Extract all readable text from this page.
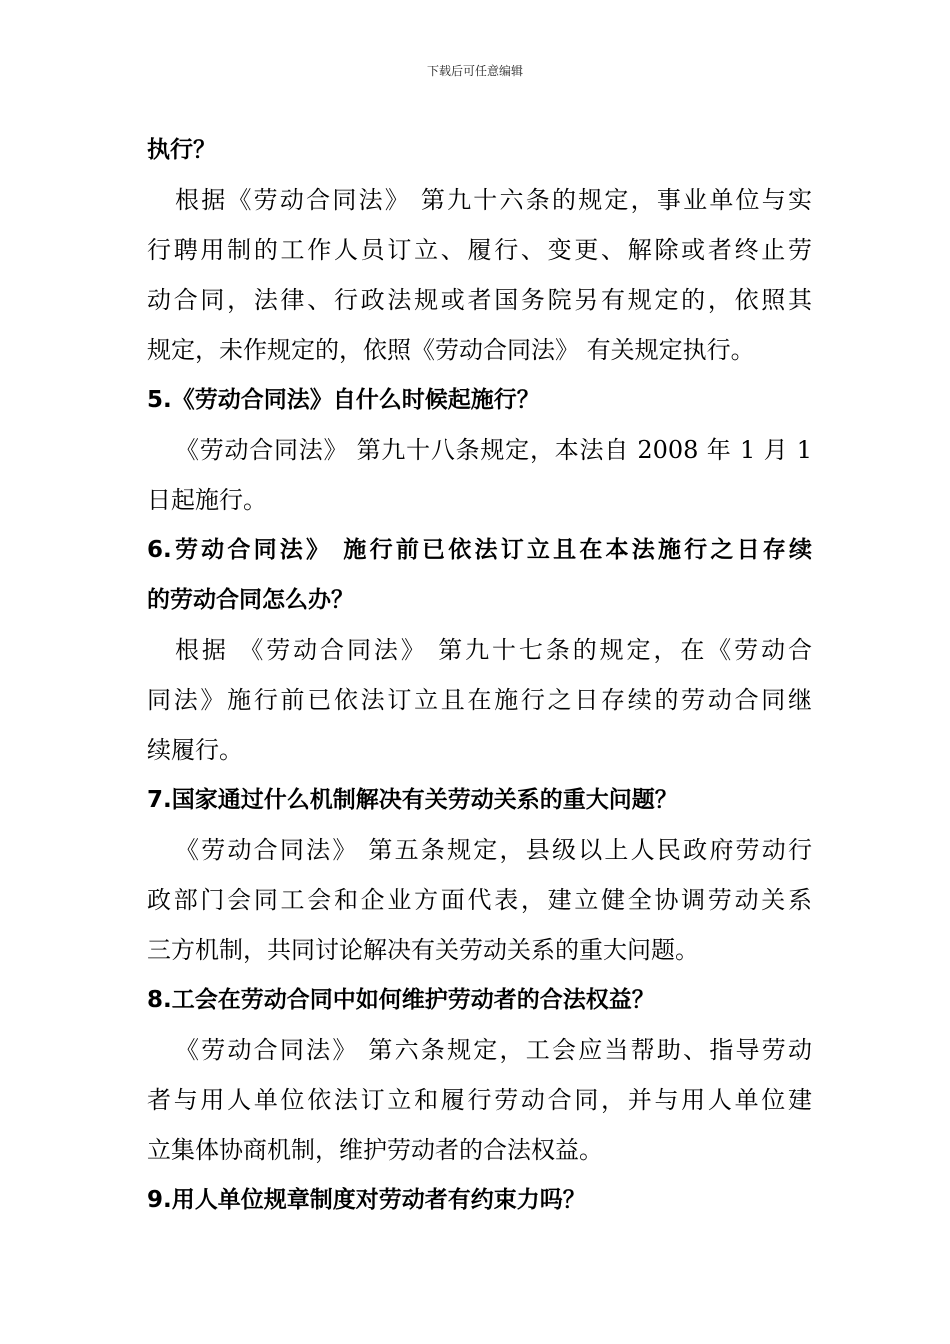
下载后可任意编辑
执行？
根据《劳动合同法》 第九十六条的规定，事业单位与实
行聘用制的工作人员订立、履行、变更、解除或者终止劳
动合同，法律、行政法规或者国务院另有规定的，依照其
规定，未作规定的，依照《劳动合同法》 有关规定执行。
5.《劳动合同法》自什么时候起施行？
《劳动合同法》 第九十八条规定，本法自 2008 年 1 月 1
日起施行。
6.劳动合同法》 施行前已依法订立且在本法施行之日存续
的劳动合同怎么办？
根据 《劳动合同法》 第九十七条的规定，在《劳动合
同法》施行前已依法订立且在施行之日存续的劳动合同继
续履行。
7.国家通过什么机制解决有关劳动关系的重大问题？
《劳动合同法》 第五条规定，县级以上人民政府劳动行
政部门会同工会和企业方面代表，建立健全协调劳动关系
三方机制，共同讨论解决有关劳动关系的重大问题。
8.工会在劳动合同中如何维护劳动者的合法权益？
《劳动合同法》 第六条规定，工会应当帮助、指导劳动
者与用人单位依法订立和履行劳动合同，并与用人单位建
立集体协商机制，维护劳动者的合法权益。
9.用人单位规章制度对劳动者有约束力吗？
